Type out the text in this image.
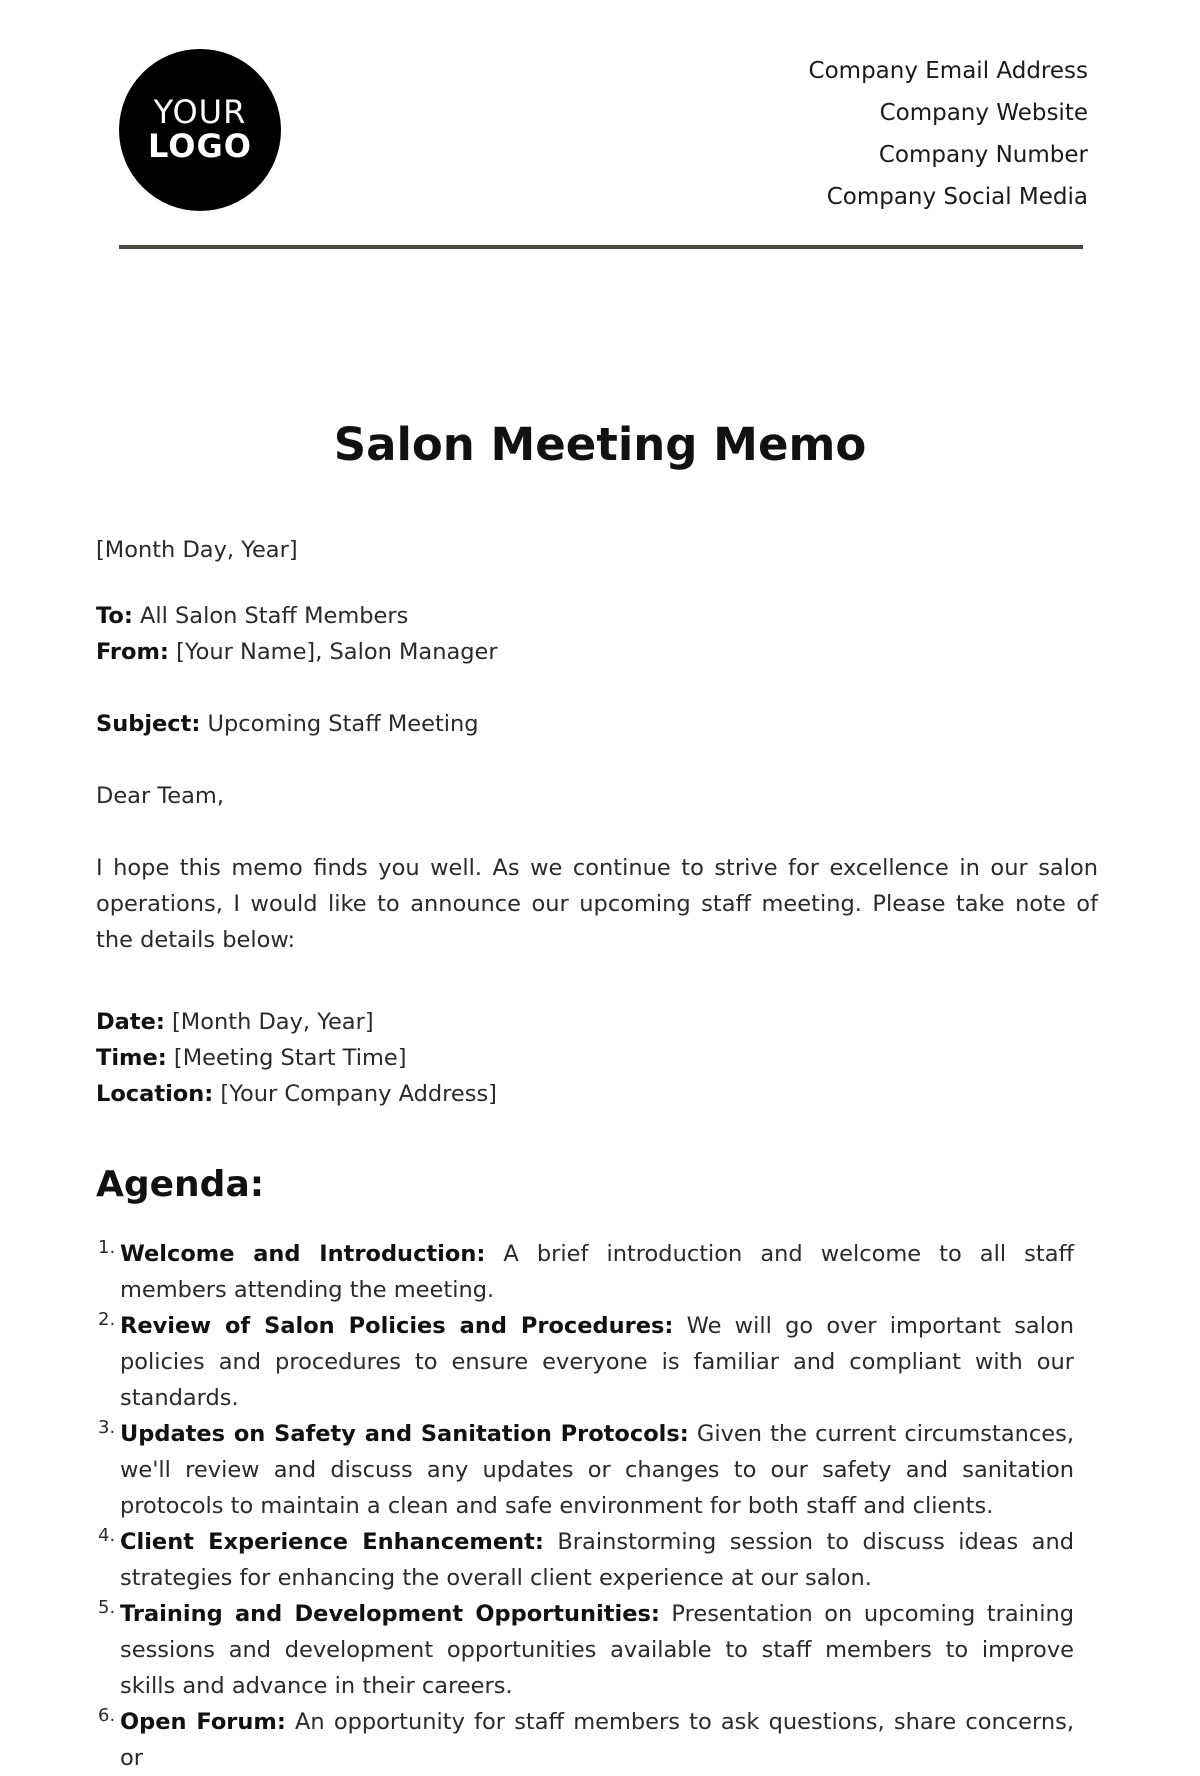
YOUR
LOGO
Company Email Address
Company Website
Company Number
Company Social Media
Salon Meeting Memo
[Month Day, Year]
To: All Salon Staff Members
From: [Your Name], Salon Manager
Subject: Upcoming Staff Meeting
Dear Team,
I hope this memo finds you well. As we continue to strive for excellence in our salon operations, I would like to announce our upcoming staff meeting. Please take note of the details below:
Date: [Month Day, Year]
Time: [Meeting Start Time]
Location: [Your Company Address]
Agenda:
1. Welcome and Introduction: A brief introduction and welcome to all staff members attending the meeting.
2. Review of Salon Policies and Procedures: We will go over important salon policies and procedures to ensure everyone is familiar and compliant with our standards.
3. Updates on Safety and Sanitation Protocols: Given the current circumstances, we'll review and discuss any updates or changes to our safety and sanitation protocols to maintain a clean and safe environment for both staff and clients.
4. Client Experience Enhancement: Brainstorming session to discuss ideas and strategies for enhancing the overall client experience at our salon.
5. Training and Development Opportunities: Presentation on upcoming training sessions and development opportunities available to staff members to improve skills and advance in their careers.
6. Open Forum: An opportunity for staff members to ask questions, share concerns, or
